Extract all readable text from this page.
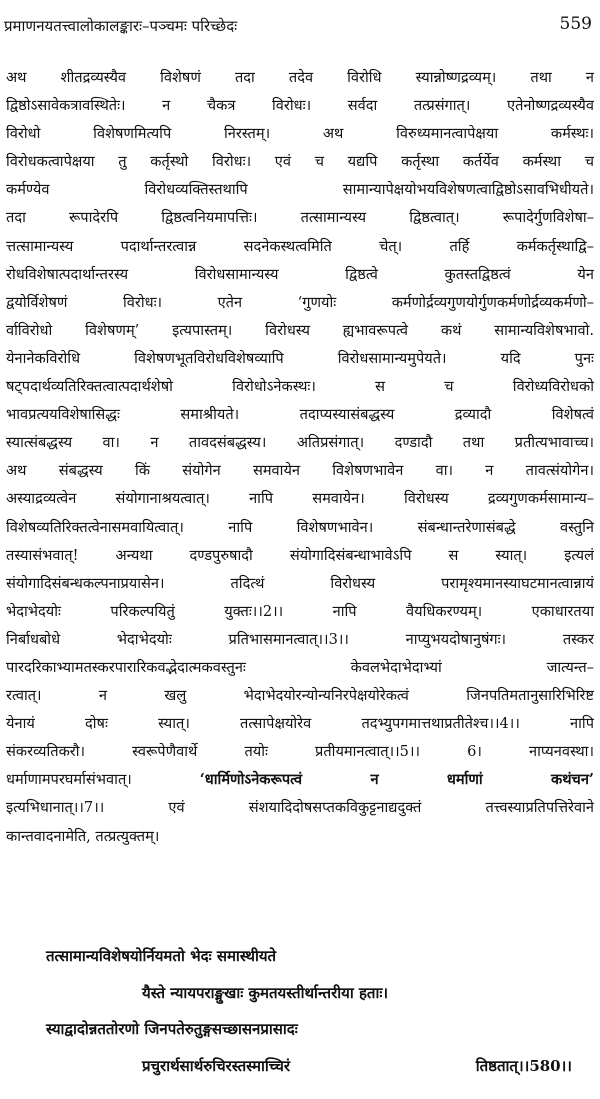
प्रमाणनयतत्त्वालोकालङ्कारः–पञ्चमः परिच्छेदः	559
अथ शीतद्रव्यस्यैव विशेषणं तदा तदेव विरोधि स्यान्नोष्णद्रव्यम्। तथा न
द्विष्ठोऽसावेकत्रावस्थितेः। न चैकत्र विरोधः। सर्वदा तत्प्रसंगात्। एतेनोष्णद्रव्यस्यैव
विरोधो विशेषणमित्यपि निरस्तम्। अथ विरुध्यमानत्वापेक्षया कर्मस्थः।
विरोधकत्वापेक्षया तु कर्तृस्थो विरोधः। एवं च यद्यपि कर्तृस्था कर्तर्येव कर्मस्था च
कर्मण्येव विरोधव्यक्तिस्तथापि सामान्यापेक्षयोभयविशेषणत्वाद्विष्ठोऽसावभिधीयते।
तदा रूपादेरपि द्विष्ठत्वनियमापत्तिः। तत्सामान्यस्य द्विष्ठत्वात्। रूपादेर्गुणविशेषा–
त्तत्सामान्यस्य पदार्थान्तरत्वान्न सदनेकस्थत्वमिति चेत्। तर्हि कर्मकर्तृस्थाद्वि–
रोधविशेषात्पदार्थान्तरस्य विरोधसामान्यस्य द्विष्ठत्वे कुतस्तद्विष्ठत्वं येन
द्वयोर्विशेषणं विरोधः। एतेन ‘गुणयोः कर्मणोर्द्रव्यगुणयोर्गुणकर्मणोर्द्रव्यकर्मणो–
र्वाविरोधो विशेषणम्’ इत्यपास्तम्। विरोधस्य ह्यभावरूपत्वे कथं सामान्यविशेषभावो.
येनानेकविरोधि विशेषणभूतविरोधविशेषव्यापि विरोधसामान्यमुपेयते। यदि पुनः
षट्पदार्थव्यतिरिक्तत्वात्पदार्थशेषो विरोधोऽनेकस्थः। स च विरोध्यविरोधको
भावप्रत्ययविशेषासिद्धः समाश्रीयते। तदाप्यस्यासंबद्धस्य द्रव्यादौ विशेषत्वं
स्यात्संबद्धस्य वा। न तावदसंबद्धस्य। अतिप्रसंगात्। दण्डादौ तथा प्रतीत्यभावाच्च।
अथ संबद्धस्य किं संयोगेन समवायेन विशेषणभावेन वा। न तावत्संयोगेन।
अस्याद्रव्यत्वेन संयोगानाश्रयत्वात्। नापि समवायेन। विरोधस्य द्रव्यगुणकर्मसामान्य–
विशेषव्यतिरिक्तत्वेनासमवायित्वात्। नापि विशेषणभावेन। संबन्धान्तरेणासंबद्धे वस्तुनि
तस्यासंभवात्! अन्यथा दण्डपुरुषादौ संयोगादिसंबन्धाभावेऽपि स स्यात्। इत्यलं
संयोगादिसंबन्धकल्पनाप्रयासेन। तदित्थं विरोधस्य परामृश्यमानस्याघटमानत्वान्नायं
भेदाभेदयोः परिकल्पयितुं युक्तः।।2।। नापि वैयधिकरण्यम्। एकाधारतया
निर्बाधबोधे भेदाभेदयोः प्रतिभासमानत्वात्।।3।। नाप्युभयदोषानुषंगः। तस्कर
पारदरिकाभ्यामतस्करपारारिकवद्भेदात्मकवस्तुनः केवलभेदाभेदाभ्यां जात्यन्त–
रत्वात्। न खलु भेदाभेदयोरन्योन्यनिरपेक्षयोरेकत्वं जिनपतिमतानुसारिभिरिष्ट
येनायं दोषः स्यात्। तत्सापेक्षयोरेव तदभ्युपगमात्तथाप्रतीतेश्च।।4।। नापि
संकरव्यतिकरौ। स्वरूपेणैवार्थे तयोः प्रतीयमानत्वात्।।5।। 6। नाप्यनवस्था।
धर्माणामपरघर्मासंभवात्।	‘धार्मिणोऽनेकरूपत्वं न धर्माणां कथंचन’
इत्यभिधानात्।।7।। एवं संशयादिदोषसप्तकविकुट्टनाद्यदुक्तं तत्त्वस्याप्रतिपत्तिरेवाने
कान्तवादनामेति, तत्प्रत्युक्तम्।
तत्सामान्यविशेषयोर्नियमतो भेदः समास्थीयते
यैस्ते न्यायपराङ्मुखाः कुमतयस्तीर्थान्तरीया हताः।
स्याद्वादोन्नततोरणो जिनपतेरुतुङ्गसच्छासनप्रासादः
प्रचुरार्थसार्थरुचिरस्तस्माच्चिरं	तिष्ठतात्।।580।।
